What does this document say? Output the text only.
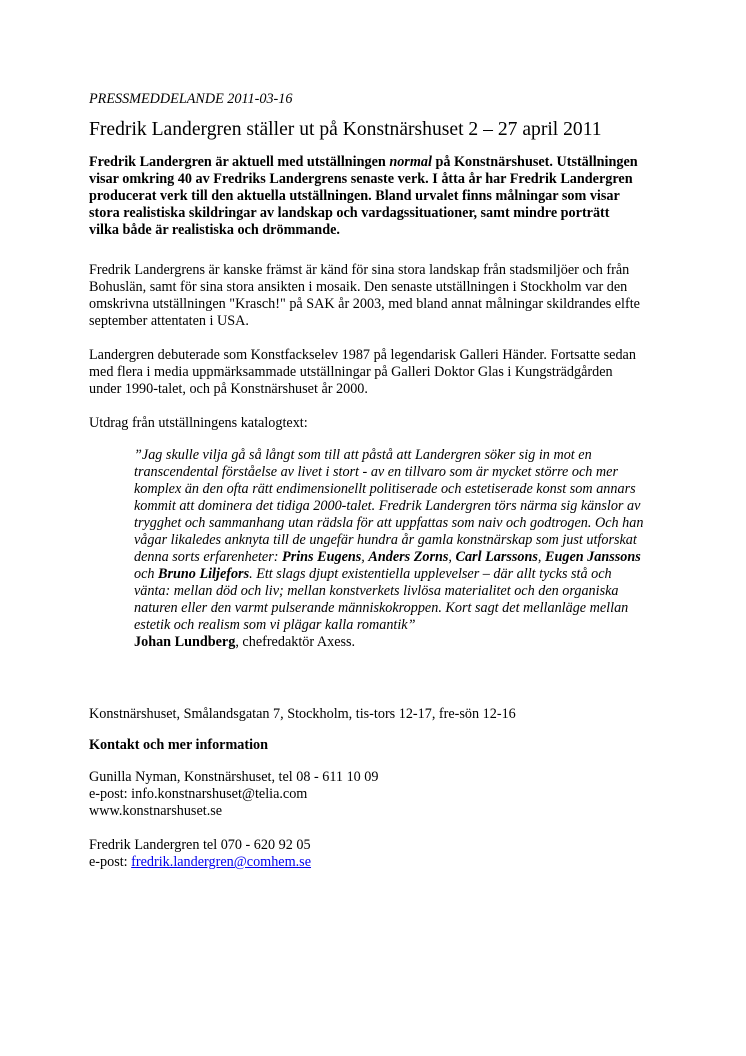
PRESSMEDDELANDE 2011-03-16
Fredrik Landergren ställer ut på Konstnärshuset 2 – 27 april 2011
Fredrik Landergren är aktuell med utställningen normal på Konstnärshuset. Utställningen
visar omkring 40 av Fredriks Landergrens senaste verk. I åtta år har Fredrik Landergren
producerat verk till den aktuella utställningen. Bland urvalet finns målningar som visar
stora realistiska skildringar av landskap och vardagssituationer, samt mindre porträtt
vilka både är realistiska och drömmande.
Fredrik Landergrens är kanske främst är känd för sina stora landskap från stadsmiljöer och från
Bohuslän, samt för sina stora ansikten i mosaik. Den senaste utställningen i Stockholm var den
omskrivna utställningen "Krasch!" på SAK år 2003, med bland annat målningar skildrandes elfte
september attentaten i USA.
Landergren debuterade som Konstfackselev 1987 på legendarisk Galleri Händer. Fortsatte sedan
med flera i media uppmärksammade utställningar på Galleri Doktor Glas i Kungsträdgården
under 1990-talet, och på Konstnärshuset år 2000.
Utdrag från utställningens katalogtext:
”Jag skulle vilja gå så långt som till att påstå att Landergren söker sig in mot en
transcendental förståelse av livet i stort - av en tillvaro som är mycket större och mer
komplex än den ofta rätt endimensionellt politiserade och estetiserade konst som annars
kommit att dominera det tidiga 2000-talet. Fredrik Landergren törs närma sig känslor av
trygghet och sammanhang utan rädsla för att uppfattas som naiv och godtrogen. Och han
vågar likaledes anknyta till de ungefär hundra år gamla konstnärskap som just utforskat
denna sorts erfarenheter: Prins Eugens, Anders Zorns, Carl Larssons, Eugen Janssons
och Bruno Liljefors. Ett slags djupt existentiella upplevelser – där allt tycks stå och
vänta: mellan död och liv; mellan konstverkets livlösa materialitet och den organiska
naturen eller den varmt pulserande människokroppen. Kort sagt det mellanläge mellan
estetik och realism som vi plägar kalla romantik”
Johan Lundberg, chefredaktör Axess.
Konstnärshuset, Smålandsgatan 7, Stockholm, tis-tors 12-17, fre-sön 12-16
Kontakt och mer information
Gunilla Nyman, Konstnärshuset, tel 08 - 611 10 09
e-post: info.konstnarshuset@telia.com
www.konstnarshuset.se
Fredrik Landergren tel 070 - 620 92 05
e-post: fredrik.landergren@comhem.se
